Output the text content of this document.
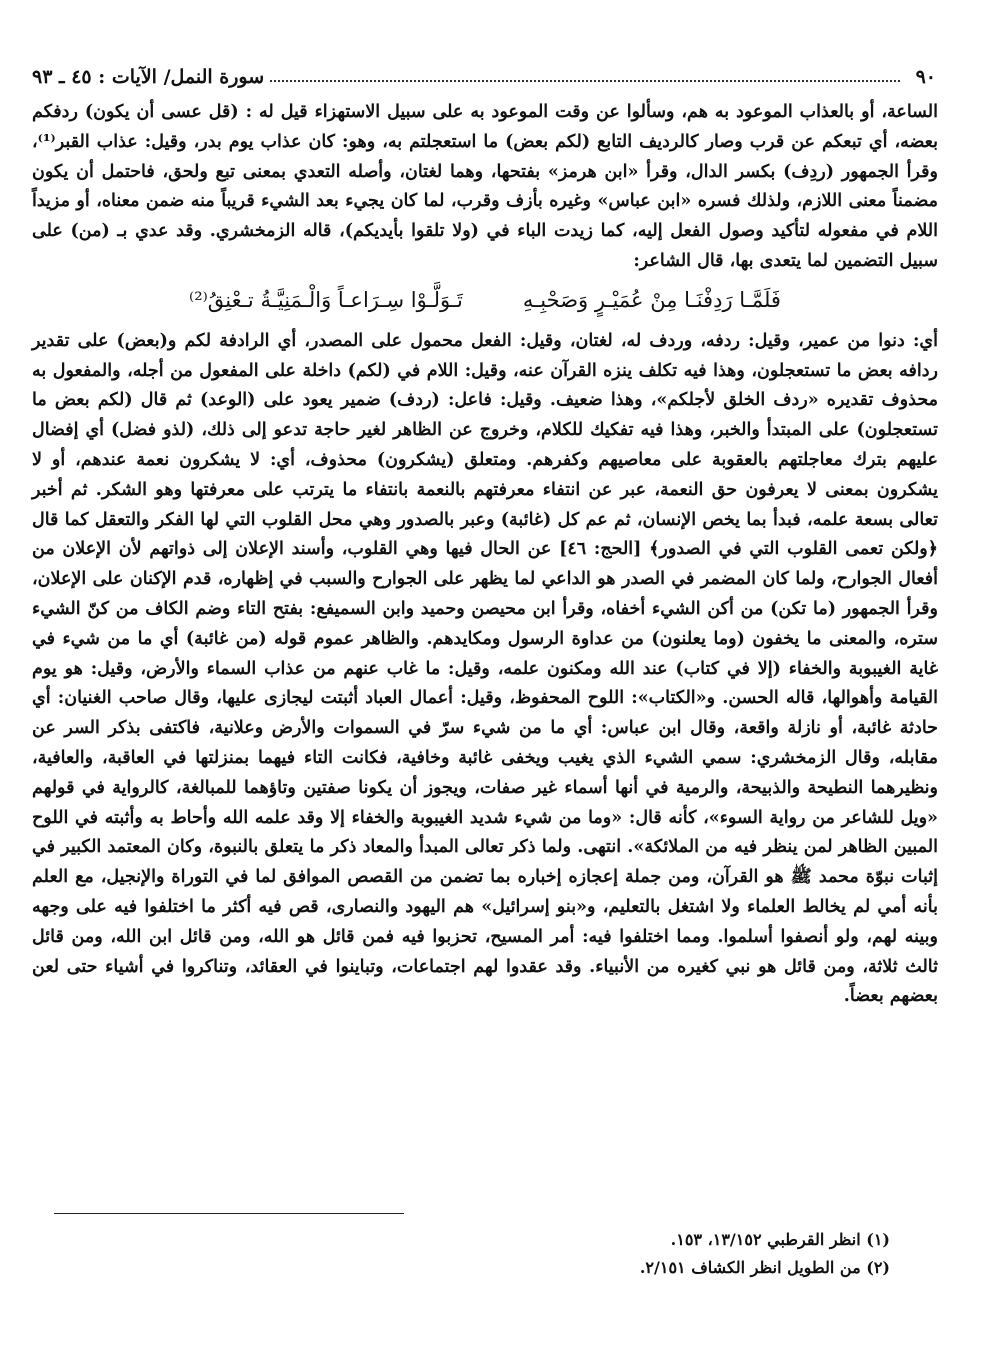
٩٠
سورة النمل/ الآيات : ٤٥ ـ ٩٣

الساعة، أو بالعذاب الموعود به هم، وسألوا عن وقت الموعود به على سبيل الاستهزاء قيل له : (قل عسى أن يكون) ردفكم بعضه، أي تبعكم عن قرب وصار كالرديف التابع (لكم بعض) ما استعجلتم به، وهو: كان عذاب يوم بدر، وقيل: عذاب القبر⁽¹⁾، وقرأ الجمهور (ردِف) بكسر الدال، وقرأ «ابن هرمز» بفتحها، وهما لغتان، وأصله التعدي بمعنى تبع ولحق، فاحتمل أن يكون مضمناً معنى اللازم، ولذلك فسره «ابن عباس» وغيره بأزف وقرب، لما كان يجيء بعد الشيء قريباً منه ضمن معناه، أو مزيداً اللام في مفعوله لتأكيد وصول الفعل إليه، كما زيدت الباء في (ولا تلقوا بأيديكم)، قاله الزمخشري. وقد عدي بـ (من) على سبيل التضمين لما يتعدى بها، قال الشاعر:

فَلَمَّـا رَدِفْنَـا مِنْ عُمَيْـرٍ وَصَحْبِـهِ
تَـوَلَّـوْا سِـرَاعـاً وَالْـمَنِيَّـةُ تـعْنِقُ⁽²⁾

أي: دنوا من عمير، وقيل: ردفه، وردف له، لغتان، وقيل: الفعل محمول على المصدر، أي الرادفة لكم و(بعض) على تقدير ردافه بعض ما تستعجلون، وهذا فيه تكلف ينزه القرآن عنه، وقيل: اللام في (لكم) داخلة على المفعول من أجله، والمفعول به محذوف تقديره «ردف الخلق لأجلكم»، وهذا ضعيف. وقيل: فاعل: (ردف) ضمير يعود على (الوعد) ثم قال (لكم بعض ما تستعجلون) على المبتدأ والخبر، وهذا فيه تفكيك للكلام، وخروج عن الظاهر لغير حاجة تدعو إلى ذلك، (لذو فضل) أي إفضال عليهم بترك معاجلتهم بالعقوبة على معاصيهم وكفرهم. ومتعلق (يشكرون) محذوف، أي: لا يشكرون نعمة عندهم، أو لا يشكرون بمعنى لا يعرفون حق النعمة، عبر عن انتفاء معرفتهم بالنعمة بانتفاء ما يترتب على معرفتها وهو الشكر. ثم أخبر تعالى بسعة علمه، فبدأ بما يخص الإنسان، ثم عم كل (غائبة) وعبر بالصدور وهي محل القلوب التي لها الفكر والتعقل كما قال ﴿ولكن تعمى القلوب التي في الصدور﴾ [الحج: ٤٦] عن الحال فيها وهي القلوب، وأسند الإعلان إلى ذواتهم لأن الإعلان من أفعال الجوارح، ولما كان المضمر في الصدر هو الداعي لما يظهر على الجوارح والسبب في إظهاره، قدم الإكنان على الإعلان، وقرأ الجمهور (ما تكن) من أكن الشيء أخفاه، وقرأ ابن محيصن وحميد وابن السميفع: بفتح التاء وضم الكاف من كنّ الشيء ستره، والمعنى ما يخفون (وما يعلنون) من عداوة الرسول ومكايدهم. والظاهر عموم قوله (من غائبة) أي ما من شيء في غاية الغيبوبة والخفاء (إلا في كتاب) عند الله ومكنون علمه، وقيل: ما غاب عنهم من عذاب السماء والأرض، وقيل: هو يوم القيامة وأهوالها، قاله الحسن. و«الكتاب»: اللوح المحفوظ، وقيل: أعمال العباد أثبتت ليجازى عليها، وقال صاحب الغنيان: أي حادثة غائبة، أو نازلة واقعة، وقال ابن عباس: أي ما من شيء سرّ في السموات والأرض وعلانية، فاكتفى بذكر السر عن مقابله، وقال الزمخشري: سمي الشيء الذي يغيب ويخفى غائبة وخافية، فكانت التاء فيهما بمنزلتها في العاقبة، والعافية، ونظيرهما النطيحة والذبيحة، والرمية في أنها أسماء غير صفات، ويجوز أن يكونا صفتين وتاؤهما للمبالغة، كالرواية في قولهم «ويل للشاعر من رواية السوء»، كأنه قال: «وما من شيء شديد الغيبوبة والخفاء إلا وقد علمه الله وأحاط به وأثبته في اللوح المبين الظاهر لمن ينظر فيه من الملائكة». انتهى. ولما ذكر تعالى المبدأ والمعاد ذكر ما يتعلق بالنبوة، وكان المعتمد الكبير في إثبات نبوّة محمد ﷺ هو القرآن، ومن جملة إعجازه إخباره بما تضمن من القصص الموافق لما في التوراة والإنجيل، مع العلم بأنه أمي لم يخالط العلماء ولا اشتغل بالتعليم، و«بنو إسرائيل» هم اليهود والنصارى، قص فيه أكثر ما اختلفوا فيه على وجهه وبينه لهم، ولو أنصفوا أسلموا. ومما اختلفوا فيه: أمر المسيح، تحزبوا فيه فمن قائل هو الله، ومن قائل ابن الله، ومن قائل ثالث ثلاثة، ومن قائل هو نبي كغيره من الأنبياء. وقد عقدوا لهم اجتماعات، وتباينوا في العقائد، وتناكروا في أشياء حتى لعن بعضهم بعضاً.

(١) انظر القرطبي ١٣/١٥٢، ١٥٣.
(٢) من الطويل انظر الكشاف ٢/١٥١.
